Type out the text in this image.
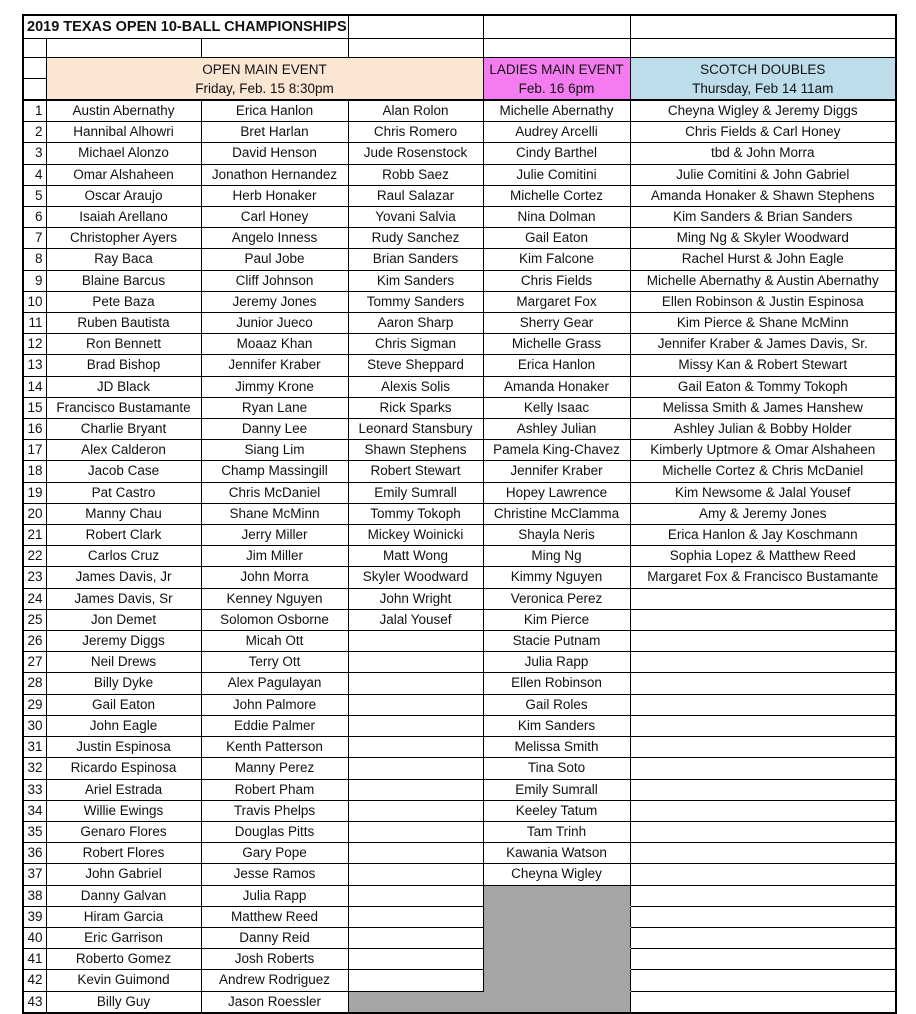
2019 TEXAS OPEN 10-BALL CHAMPIONSHIPS					

OPEN MAIN EVENT
Friday, Feb. 15 8:30pm

LADIES MAIN EVENT
Feb. 16 6pm

SCOTCH DOUBLES
Thursday, Feb 14 11am

1	Austin Abernathy	Erica Hanlon	Alan Rolon	Michelle Abernathy	Cheyna Wigley & Jeremy Diggs
2	Hannibal Alhowri	Bret Harlan	Chris Romero	Audrey Arcelli	Chris Fields & Carl Honey
3	Michael Alonzo	David Henson	Jude Rosenstock	Cindy Barthel	tbd & John Morra
4	Omar Alshaheen	Jonathon Hernandez	Robb Saez	Julie Comitini	Julie Comitini & John Gabriel
5	Oscar Araujo	Herb Honaker	Raul Salazar	Michelle Cortez	Amanda Honaker & Shawn Stephens
6	Isaiah Arellano	Carl Honey	Yovani Salvia	Nina Dolman	Kim Sanders & Brian Sanders
7	Christopher Ayers	Angelo Inness	Rudy Sanchez	Gail Eaton	Ming Ng & Skyler Woodward
8	Ray Baca	Paul Jobe	Brian Sanders	Kim Falcone	Rachel Hurst & John Eagle
9	Blaine Barcus	Cliff Johnson	Kim Sanders	Chris Fields	Michelle Abernathy & Austin Abernathy
10	Pete Baza	Jeremy Jones	Tommy Sanders	Margaret Fox	Ellen Robinson & Justin Espinosa
11	Ruben Bautista	Junior Jueco	Aaron Sharp	Sherry Gear	Kim Pierce & Shane McMinn
12	Ron Bennett	Moaaz Khan	Chris Sigman	Michelle Grass	Jennifer Kraber & James Davis, Sr.
13	Brad Bishop	Jennifer Kraber	Steve Sheppard	Erica Hanlon	Missy Kan & Robert Stewart
14	JD Black	Jimmy Krone	Alexis Solis	Amanda Honaker	Gail Eaton & Tommy Tokoph
15	Francisco Bustamante	Ryan Lane	Rick Sparks	Kelly Isaac	Melissa Smith & James Hanshew
16	Charlie Bryant	Danny Lee	Leonard Stansbury	Ashley Julian	Ashley Julian & Bobby Holder
17	Alex Calderon	Siang Lim	Shawn Stephens	Pamela King-Chavez	Kimberly Uptmore & Omar Alshaheen
18	Jacob Case	Champ Massingill	Robert Stewart	Jennifer Kraber	Michelle Cortez & Chris McDaniel
19	Pat Castro	Chris McDaniel	Emily Sumrall	Hopey Lawrence	Kim Newsome & Jalal Yousef
20	Manny Chau	Shane McMinn	Tommy Tokoph	Christine McClamma	Amy & Jeremy Jones
21	Robert Clark	Jerry Miller	Mickey Woinicki	Shayla Neris	Erica Hanlon & Jay Koschmann
22	Carlos Cruz	Jim Miller	Matt Wong	Ming Ng	Sophia Lopez & Matthew Reed
23	James Davis, Jr	John Morra	Skyler Woodward	Kimmy Nguyen	Margaret Fox & Francisco Bustamante
24	James Davis, Sr	Kenney Nguyen	John Wright	Veronica Perez	
25	Jon Demet	Solomon Osborne	Jalal Yousef	Kim Pierce	
26	Jeremy Diggs	Micah Ott		Stacie Putnam	
27	Neil Drews	Terry Ott		Julia Rapp	
28	Billy Dyke	Alex Pagulayan		Ellen Robinson	
29	Gail Eaton	John Palmore		Gail Roles	
30	John Eagle	Eddie Palmer		Kim Sanders	
31	Justin Espinosa	Kenth Patterson		Melissa Smith	
32	Ricardo Espinosa	Manny Perez		Tina Soto	
33	Ariel Estrada	Robert Pham		Emily Sumrall	
34	Willie Ewings	Travis Phelps		Keeley Tatum	
35	Genaro Flores	Douglas Pitts		Tam Trinh	
36	Robert Flores	Gary Pope		Kawania Watson	
37	John Gabriel	Jesse Ramos		Cheyna Wigley	
38	Danny Galvan	Julia Rapp			
39	Hiram Garcia	Matthew Reed			
40	Eric Garrison	Danny Reid			
41	Roberto Gomez	Josh Roberts			
42	Kevin Guimond	Andrew Rodriguez			
43	Billy Guy	Jason Roessler			
